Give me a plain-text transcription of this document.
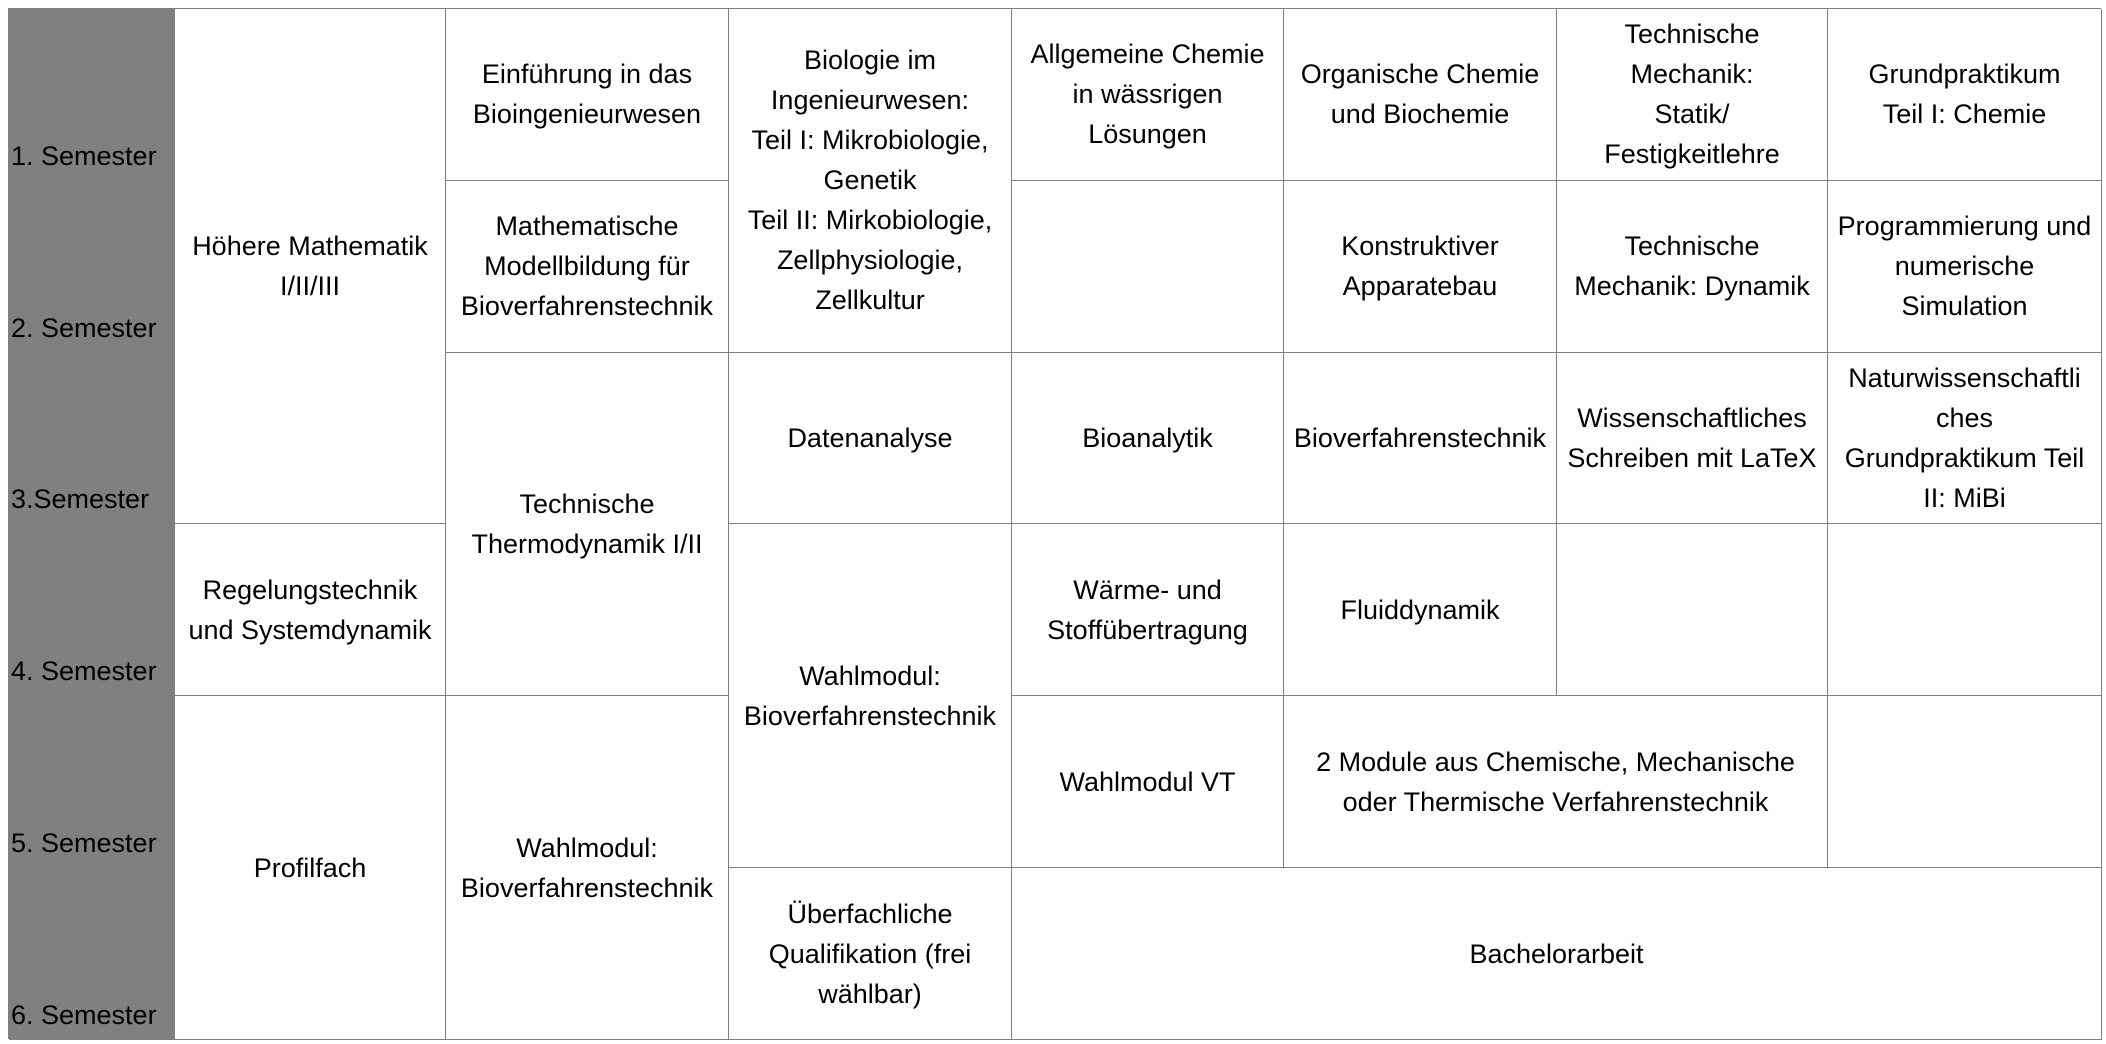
1. Semester
2. Semester
3.Semester
4. Semester
5. Semester
6. Semester
Höhere Mathematik
I/II/III
Regelungstechnik
und Systemdynamik
Profilfach
Einführung in das
Bioingenieurwesen
Mathematische
Modellbildung für
Bioverfahrenstechnik
Technische
Thermodynamik I/II
Wahlmodul:
Bioverfahrenstechnik
Biologie im
Ingenieurwesen:
Teil I: Mikrobiologie,
Genetik
Teil II: Mirkobiologie,
Zellphysiologie,
Zellkultur
Datenanalyse
Wahlmodul:
Bioverfahrenstechnik
Überfachliche
Qualifikation (frei
wählbar)
Allgemeine Chemie
in wässrigen
Lösungen
Bioanalytik
Wärme- und
Stoffübertragung
Wahlmodul VT
Bachelorarbeit
Organische Chemie
und Biochemie
Konstruktiver
Apparatebau
Bioverfahrenstechnik
Fluiddynamik
2 Module aus Chemische, Mechanische
oder Thermische Verfahrenstechnik
Technische
Mechanik:
Statik/
Festigkeitlehre
Technische
Mechanik: Dynamik
Wissenschaftliches
Schreiben mit LaTeX
Grundpraktikum
Teil I: Chemie
Programmierung und
numerische
Simulation
Naturwissenschaftli
ches
Grundpraktikum Teil
II: MiBi
